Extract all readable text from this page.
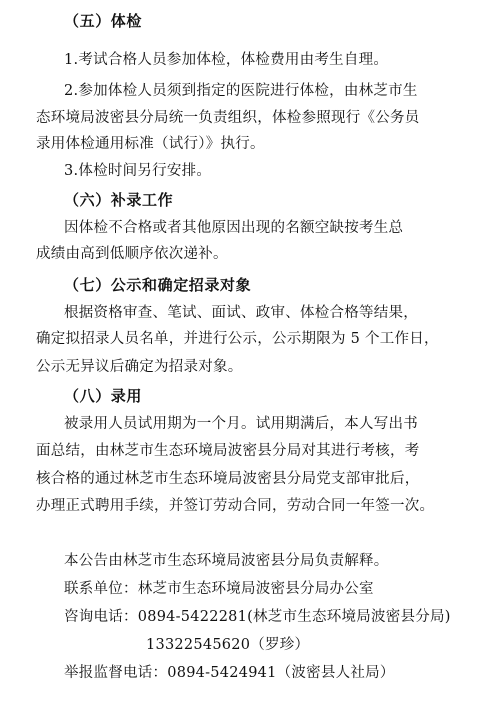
（五）体检
1.考试合格人员参加体检，体检费用由考生自理。
2.参加体检人员须到指定的医院进行体检，由林芝市生
态环境局波密县分局统一负责组织，体检参照现行《公务员
录用体检通用标准（试行）》执行。
3.体检时间另行安排。
（六）补录工作
因体检不合格或者其他原因出现的名额空缺按考生总
成绩由高到低顺序依次递补。
（七）公示和确定招录对象
根据资格审查、笔试、面试、政审、体检合格等结果，
确定拟招录人员名单，并进行公示，公示期限为 5 个工作日，
公示无异议后确定为招录对象。
（八）录用
被录用人员试用期为一个月。试用期满后，本人写出书
面总结，由林芝市生态环境局波密县分局对其进行考核，考
核合格的通过林芝市生态环境局波密县分局党支部审批后，
办理正式聘用手续，并签订劳动合同，劳动合同一年签一次。
本公告由林芝市生态环境局波密县分局负责解释。
联系单位：林芝市生态环境局波密县分局办公室
咨询电话：0894-5422281(林芝市生态环境局波密县分局)
13322545620（罗珍）
举报监督电话：0894-5424941（波密县人社局）
